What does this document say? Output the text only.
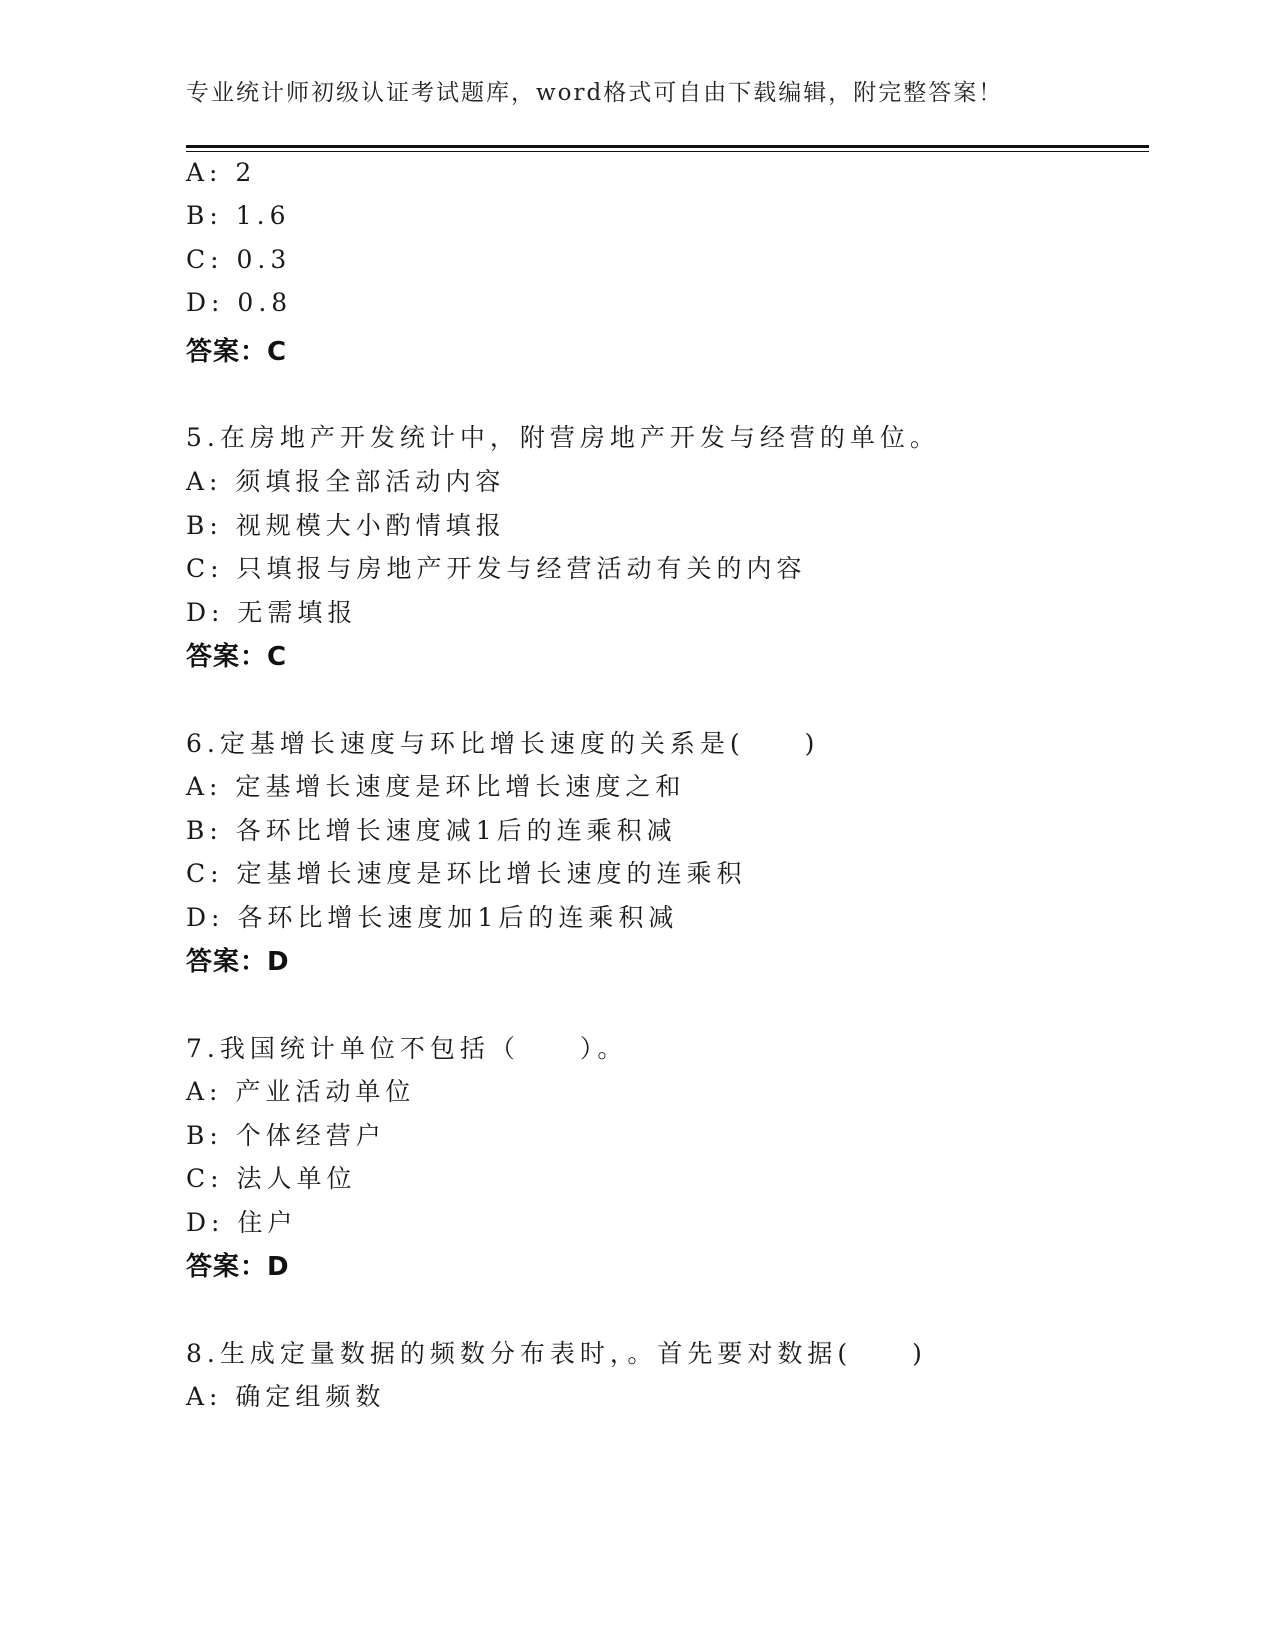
专业统计师初级认证考试题库，word格式可自由下载编辑，附完整答案！
A: 2
B: 1.6
C: 0.3
D: 0.8
答案：C
5.在房地产开发统计中，附营房地产开发与经营的单位。
A: 须填报全部活动内容
B: 视规模大小酌情填报
C: 只填报与房地产开发与经营活动有关的内容
D: 无需填报
答案：C
6.定基增长速度与环比增长速度的关系是(　　)
A: 定基增长速度是环比增长速度之和
B: 各环比增长速度减1后的连乘积减
C: 定基增长速度是环比增长速度的连乘积
D: 各环比增长速度加1后的连乘积减
答案：D
7.我国统计单位不包括（　　）。
A: 产业活动单位
B: 个体经营户
C: 法人单位
D: 住户
答案：D
8.生成定量数据的频数分布表时，。首先要对数据(　　)
A: 确定组频数
